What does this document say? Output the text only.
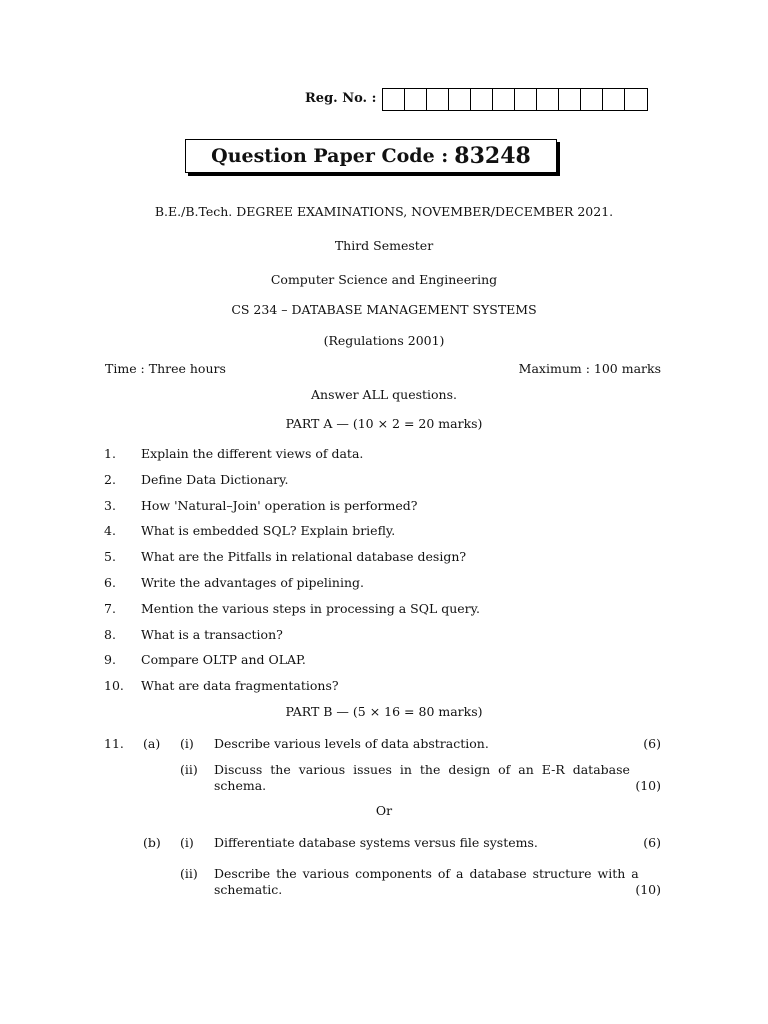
Reg. No. :
Question Paper Code : 83248
B.E./B.Tech. DEGREE EXAMINATIONS, NOVEMBER/DECEMBER 2021.
Third Semester
Computer Science and Engineering
CS 234 – DATABASE MANAGEMENT SYSTEMS
(Regulations 2001)
Time : Three hours	Maximum : 100 marks
Answer ALL questions.
PART A — (10 × 2 = 20 marks)
1. Explain the different views of data.
2. Define Data Dictionary.
3. How 'Natural–Join' operation is performed?
4. What is embedded SQL? Explain briefly.
5. What are the Pitfalls in relational database design?
6. Write the advantages of pipelining.
7. Mention the various steps in processing a SQL query.
8. What is a transaction?
9. Compare OLTP and OLAP.
10. What are data fragmentations?
PART B — (5 × 16 = 80 marks)
11. (a) (i) Describe various levels of data abstraction.	(6)
(ii) Discuss the various issues in the design of an E-R database
schema.	(10)
Or
(b) (i) Differentiate database systems versus file systems.	(6)
(ii) Describe the various components of a database structure with a
schematic.	(10)
